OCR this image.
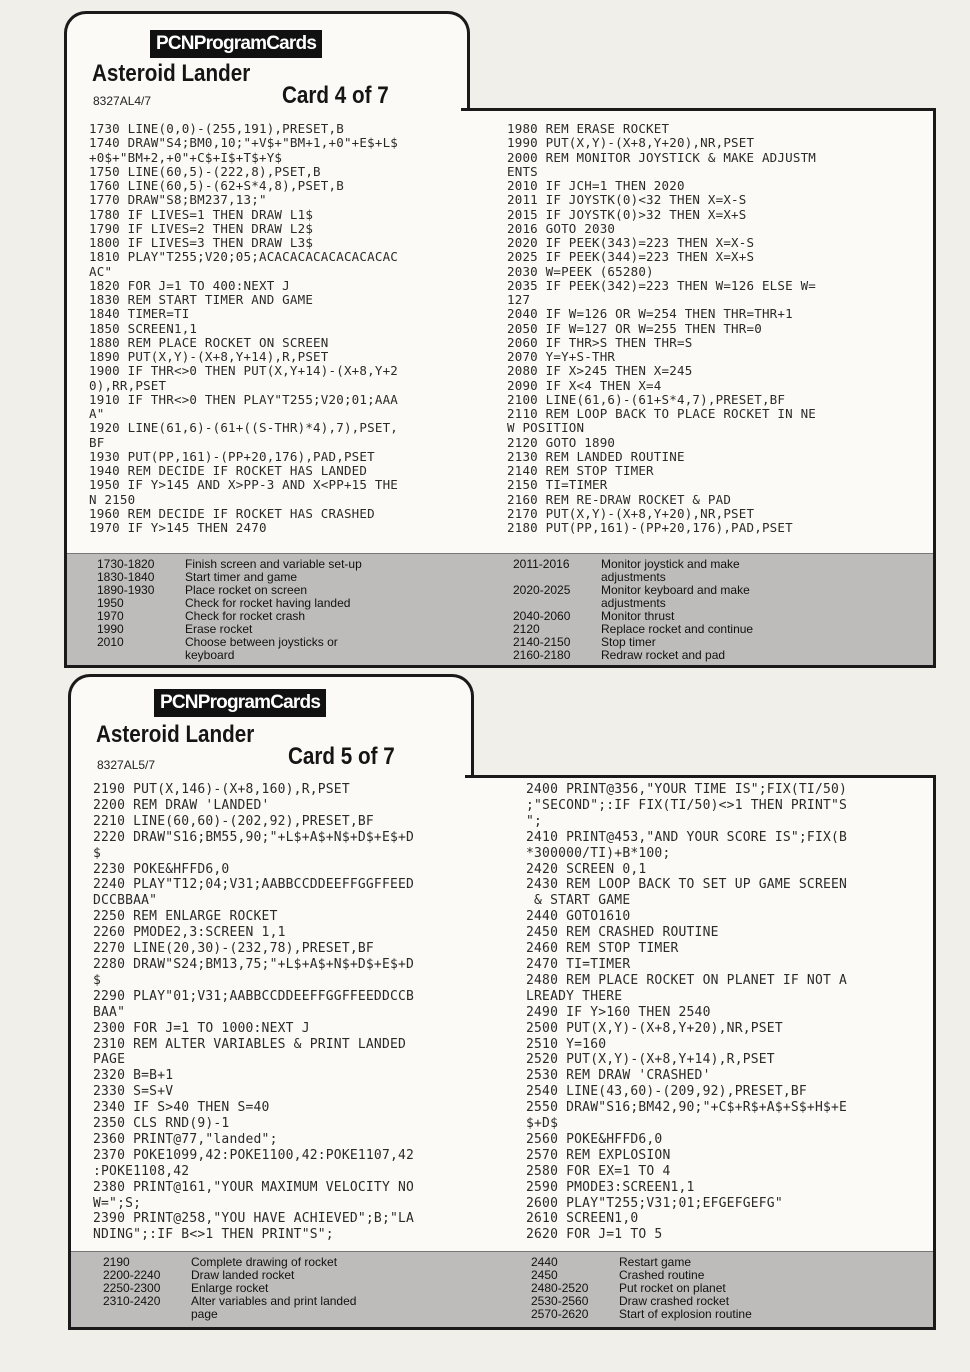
1730 LINE(0,0)-(255,191),PRESET,B
1740 DRAW"S4;BM0,10;"+V$+"BM+1,+0"+E$+L$
+0$+"BM+2,+0"+C$+I$+T$+Y$
1750 LINE(60,5)-(222,8),PSET,B
1760 LINE(60,5)-(62+S*4,8),PSET,B
1770 DRAW"S8;BM237,13;"
1780 IF LIVES=1 THEN DRAW L1$
1790 IF LIVES=2 THEN DRAW L2$
1800 IF LIVES=3 THEN DRAW L3$
1810 PLAY"T255;V20;05;ACACACACACACACACAC
AC"
1820 FOR J=1 TO 400:NEXT J
1830 REM START TIMER AND GAME
1840 TIMER=TI
1850 SCREEN1,1
1880 REM PLACE ROCKET ON SCREEN
1890 PUT(X,Y)-(X+8,Y+14),R,PSET
1900 IF THR<>0 THEN PUT(X,Y+14)-(X+8,Y+2
0),RR,PSET
1910 IF THR<>0 THEN PLAY"T255;V20;01;AAA
A"
1920 LINE(61,6)-(61+((S-THR)*4),7),PSET,
BF
1930 PUT(PP,161)-(PP+20,176),PAD,PSET
1940 REM DECIDE IF ROCKET HAS LANDED
1950 IF Y>145 AND X>PP-3 AND X<PP+15 THE
N 2150
1960 REM DECIDE IF ROCKET HAS CRASHED
1970 IF Y>145 THEN 2470
1980 REM ERASE ROCKET
1990 PUT(X,Y)-(X+8,Y+20),NR,PSET
2000 REM MONITOR JOYSTICK & MAKE ADJUSTM
ENTS
2010 IF JCH=1 THEN 2020
2011 IF JOYSTK(0)<32 THEN X=X-S
2015 IF JOYSTK(0)>32 THEN X=X+S
2016 GOTO 2030
2020 IF PEEK(343)=223 THEN X=X-S
2025 IF PEEK(344)=223 THEN X=X+S
2030 W=PEEK (65280)
2035 IF PEEK(342)=223 THEN W=126 ELSE W=
127
2040 IF W=126 OR W=254 THEN THR=THR+1
2050 IF W=127 OR W=255 THEN THR=0
2060 IF THR>S THEN THR=S
2070 Y=Y+S-THR
2080 IF X>245 THEN X=245
2090 IF X<4 THEN X=4
2100 LINE(61,6)-(61+S*4,7),PRESET,BF
2110 REM LOOP BACK TO PLACE ROCKET IN NE
W POSITION
2120 GOTO 1890
2130 REM LANDED ROUTINE
2140 REM STOP TIMER
2150 TI=TIMER
2160 REM RE-DRAW ROCKET & PAD
2170 PUT(X,Y)-(X+8,Y+20),NR,PSET
2180 PUT(PP,161)-(PP+20,176),PAD,PSET
1730-1820	Finish screen and variable set-up
1830-1840	Start timer and game
1890-1930	Place rocket on screen
1950	Check for rocket having landed
1970	Check for rocket crash
1990	Erase rocket
2010	Choose between joysticks or
keyboard
2011-2016	Monitor joystick and make
adjustments
2020-2025	Monitor keyboard and make
adjustments
2040-2060	Monitor thrust
2120	Replace rocket and continue
2140-2150	Stop timer
2160-2180	Redraw rocket and pad
PCNProgramCards
Asteroid Lander
8327AL4/7	Card 4 of 7
2190 PUT(X,146)-(X+8,160),R,PSET
2200 REM DRAW 'LANDED'
2210 LINE(60,60)-(202,92),PRESET,BF
2220 DRAW"S16;BM55,90;"+L$+A$+N$+D$+E$+D
$
2230 POKE&HFFD6,0
2240 PLAY"T12;04;V31;AABBCCDDEEFFGGFFEED
DCCBBAA"
2250 REM ENLARGE ROCKET
2260 PMODE2,3:SCREEN 1,1
2270 LINE(20,30)-(232,78),PRESET,BF
2280 DRAW"S24;BM13,75;"+L$+A$+N$+D$+E$+D
$
2290 PLAY"01;V31;AABBCCDDEEFFGGFFEEDDCCB
BAA"
2300 FOR J=1 TO 1000:NEXT J
2310 REM ALTER VARIABLES & PRINT LANDED
PAGE
2320 B=B+1
2330 S=S+V
2340 IF S>40 THEN S=40
2350 CLS RND(9)-1
2360 PRINT@77,"landed";
2370 POKE1099,42:POKE1100,42:POKE1107,42
:POKE1108,42
2380 PRINT@161,"YOUR MAXIMUM VELOCITY NO
W=";S;
2390 PRINT@258,"YOU HAVE ACHIEVED";B;"LA
NDING";:IF B<>1 THEN PRINT"S";
2400 PRINT@356,"YOUR TIME IS";FIX(TI/50)
;"SECOND";:IF FIX(TI/50)<>1 THEN PRINT"S
";
2410 PRINT@453,"AND YOUR SCORE IS";FIX(B
*300000/TI)+B*100;
2420 SCREEN 0,1
2430 REM LOOP BACK TO SET UP GAME SCREEN
& START GAME
2440 GOTO1610
2450 REM CRASHED ROUTINE
2460 REM STOP TIMER
2470 TI=TIMER
2480 REM PLACE ROCKET ON PLANET IF NOT A
LREADY THERE
2490 IF Y>160 THEN 2540
2500 PUT(X,Y)-(X+8,Y+20),NR,PSET
2510 Y=160
2520 PUT(X,Y)-(X+8,Y+14),R,PSET
2530 REM DRAW 'CRASHED'
2540 LINE(43,60)-(209,92),PRESET,BF
2550 DRAW"S16;BM42,90;"+C$+R$+A$+S$+H$+E
$+D$
2560 POKE&HFFD6,0
2570 REM EXPLOSION
2580 FOR EX=1 TO 4
2590 PMODE3:SCREEN1,1
2600 PLAY"T255;V31;01;EFGEFGEFG"
2610 SCREEN1,0
2620 FOR J=1 TO 5
2190	Complete drawing of rocket
2200-2240	Draw landed rocket
2250-2300	Enlarge rocket
2310-2420	Alter variables and print landed
page
2440	Restart game
2450	Crashed routine
2480-2520	Put rocket on planet
2530-2560	Draw crashed rocket
2570-2620	Start of explosion routine
PCNProgramCards
Asteroid Lander
8327AL5/7	Card 5 of 7
